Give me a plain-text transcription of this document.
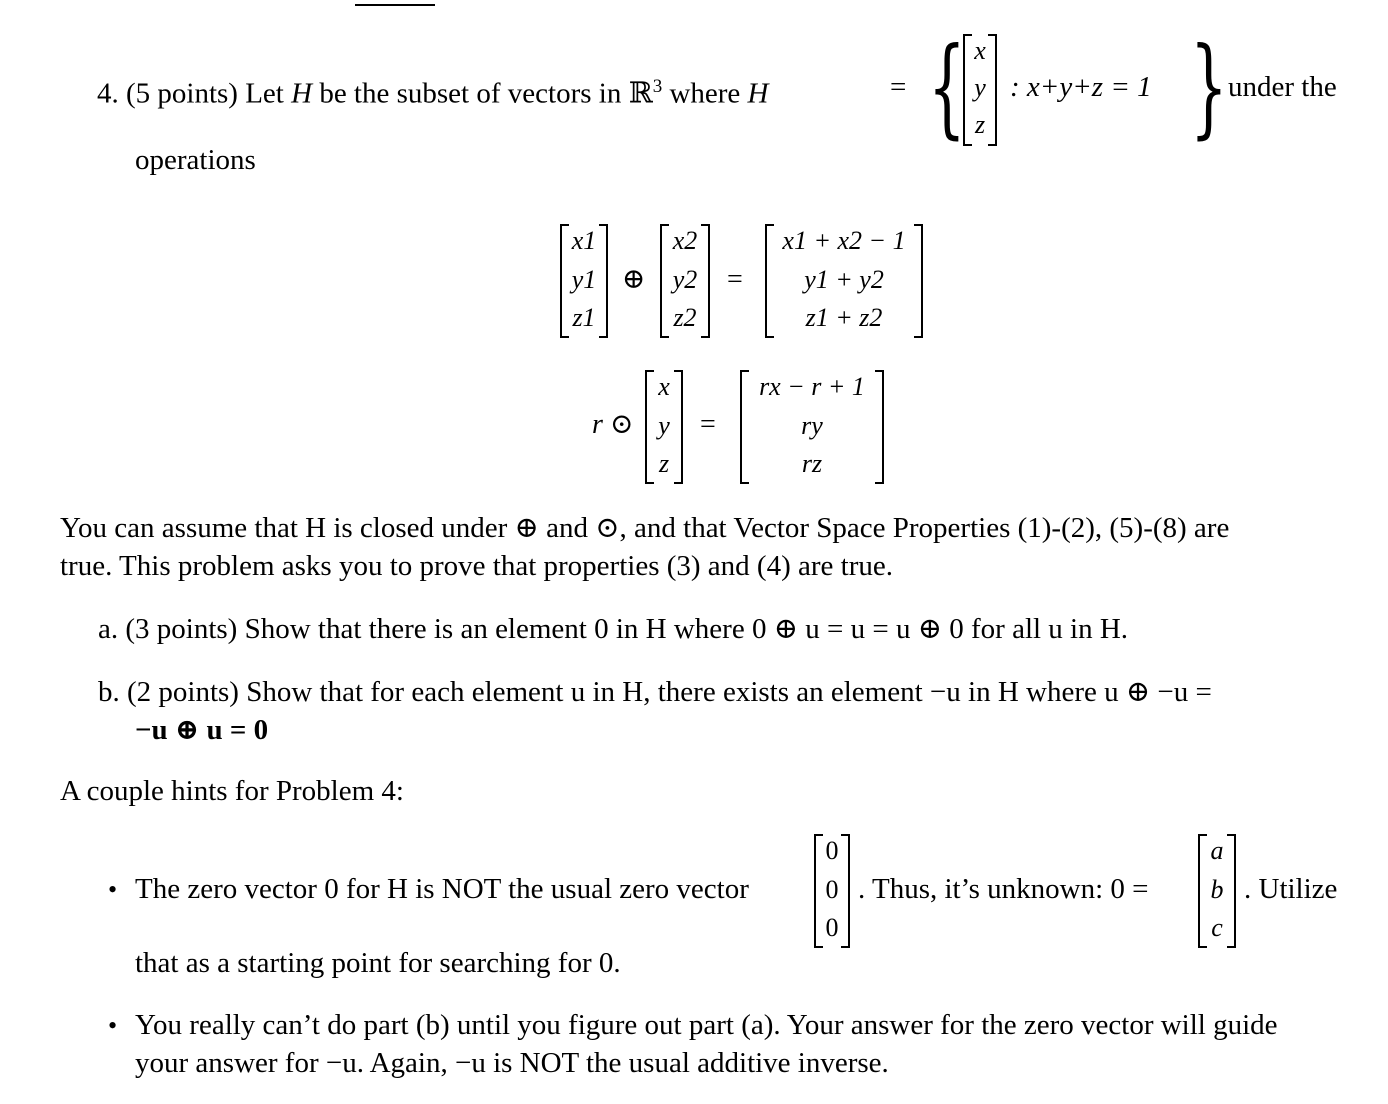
4. (5 points) Let H be the subset of vectors in ℝ$^3$ where H	= { x
y
z
: x+y+z = 1 } under the
operations
x1
y1
z1
⊕
x2
y2
z2
=
x1 + x2 − 1
y1 + y2
z1 + z2
r ⊙
x
y
z
=
rx − r + 1
ry
rz
You can assume that H is closed under ⊕ and ⊙, and that Vector Space Properties (1)-(2), (5)-(8) are
true. This problem asks you to prove that properties (3) and (4) are true.
a. (3 points) Show that there is an element 0 in H where 0 ⊕ u = u = u ⊕ 0 for all u in H.
b. (2 points) Show that for each element u in H, there exists an element −u in H where u ⊕ −u =
−u ⊕ u = 0
A couple hints for Problem 4:
• The zero vector 0 for H is NOT the usual zero vector
0
0
0
. Thus, it’s unknown: 0 =
a
b
c
. Utilize
that as a starting point for searching for 0.
• You really can’t do part (b) until you figure out part (a). Your answer for the zero vector will guide
your answer for −u. Again, −u is NOT the usual additive inverse.
